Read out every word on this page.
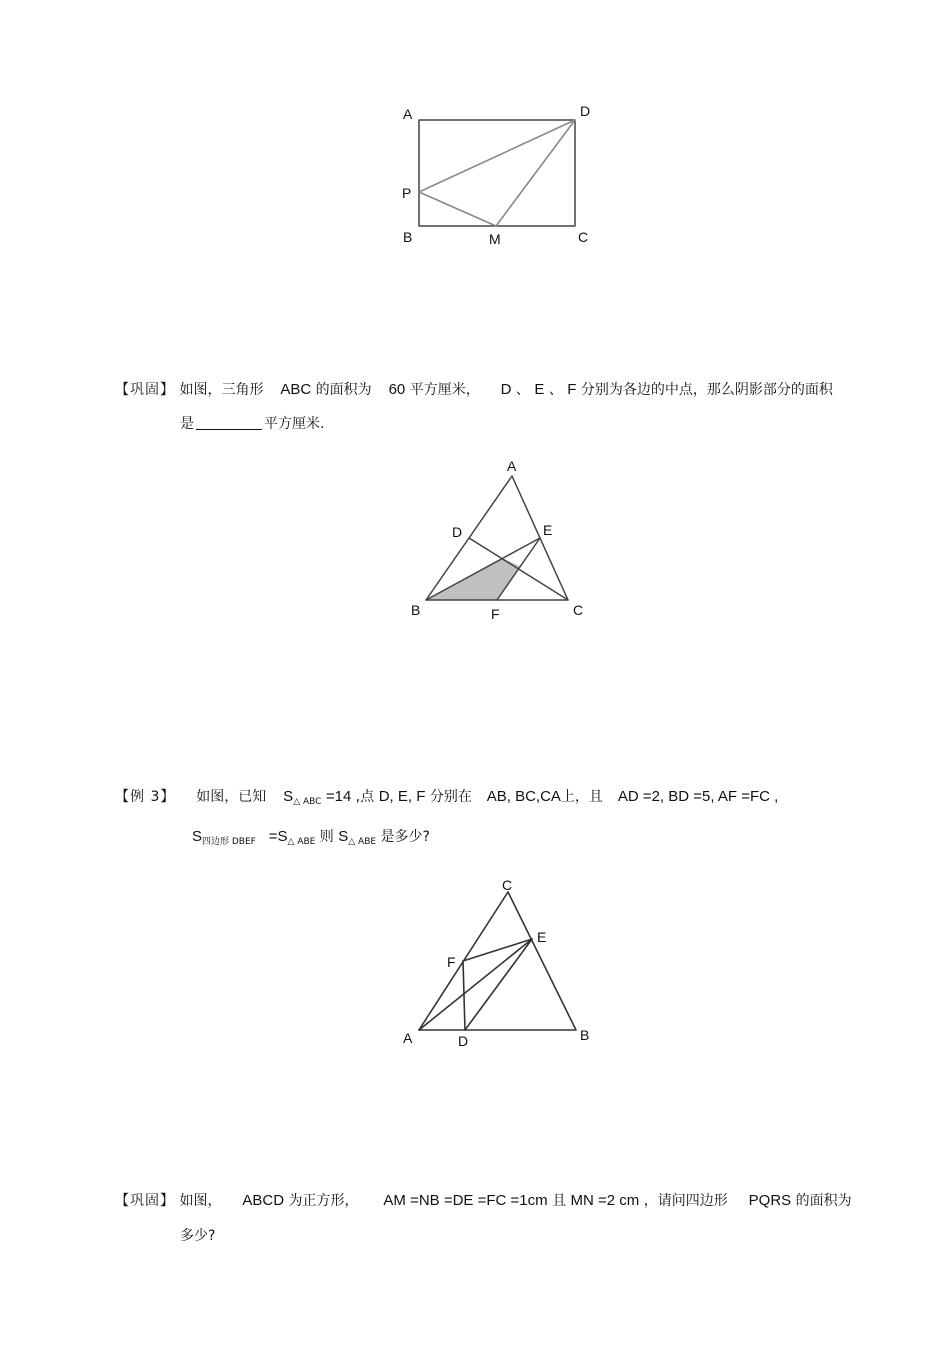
A	D
P
B	M	C
【巩固】 如图，三角形 ABC 的面积为 60 平方厘米， D 、 E 、 F 分别为各边的中点，那么阴影部分的面积
是	平方厘米.
A
D	E
B	F	C
【例 3】 如图，已知 $S_{\triangle ABC} =14$ ,点 D, E, F 分别在 AB, BC,CA上，且 AD =2, BD =5, AF =FC ,
$S_{四边形 DBEF} =S_{\triangle ABE}$ 则 $S_{\triangle ABE}$ 是多少?
C
E
F
A	D	B
【巩固】 如图， ABCD 为正方形， AM =NB =DE =FC =1cm 且 MN =2 cm ，请问四边形 PQRS 的面积为
多少?
